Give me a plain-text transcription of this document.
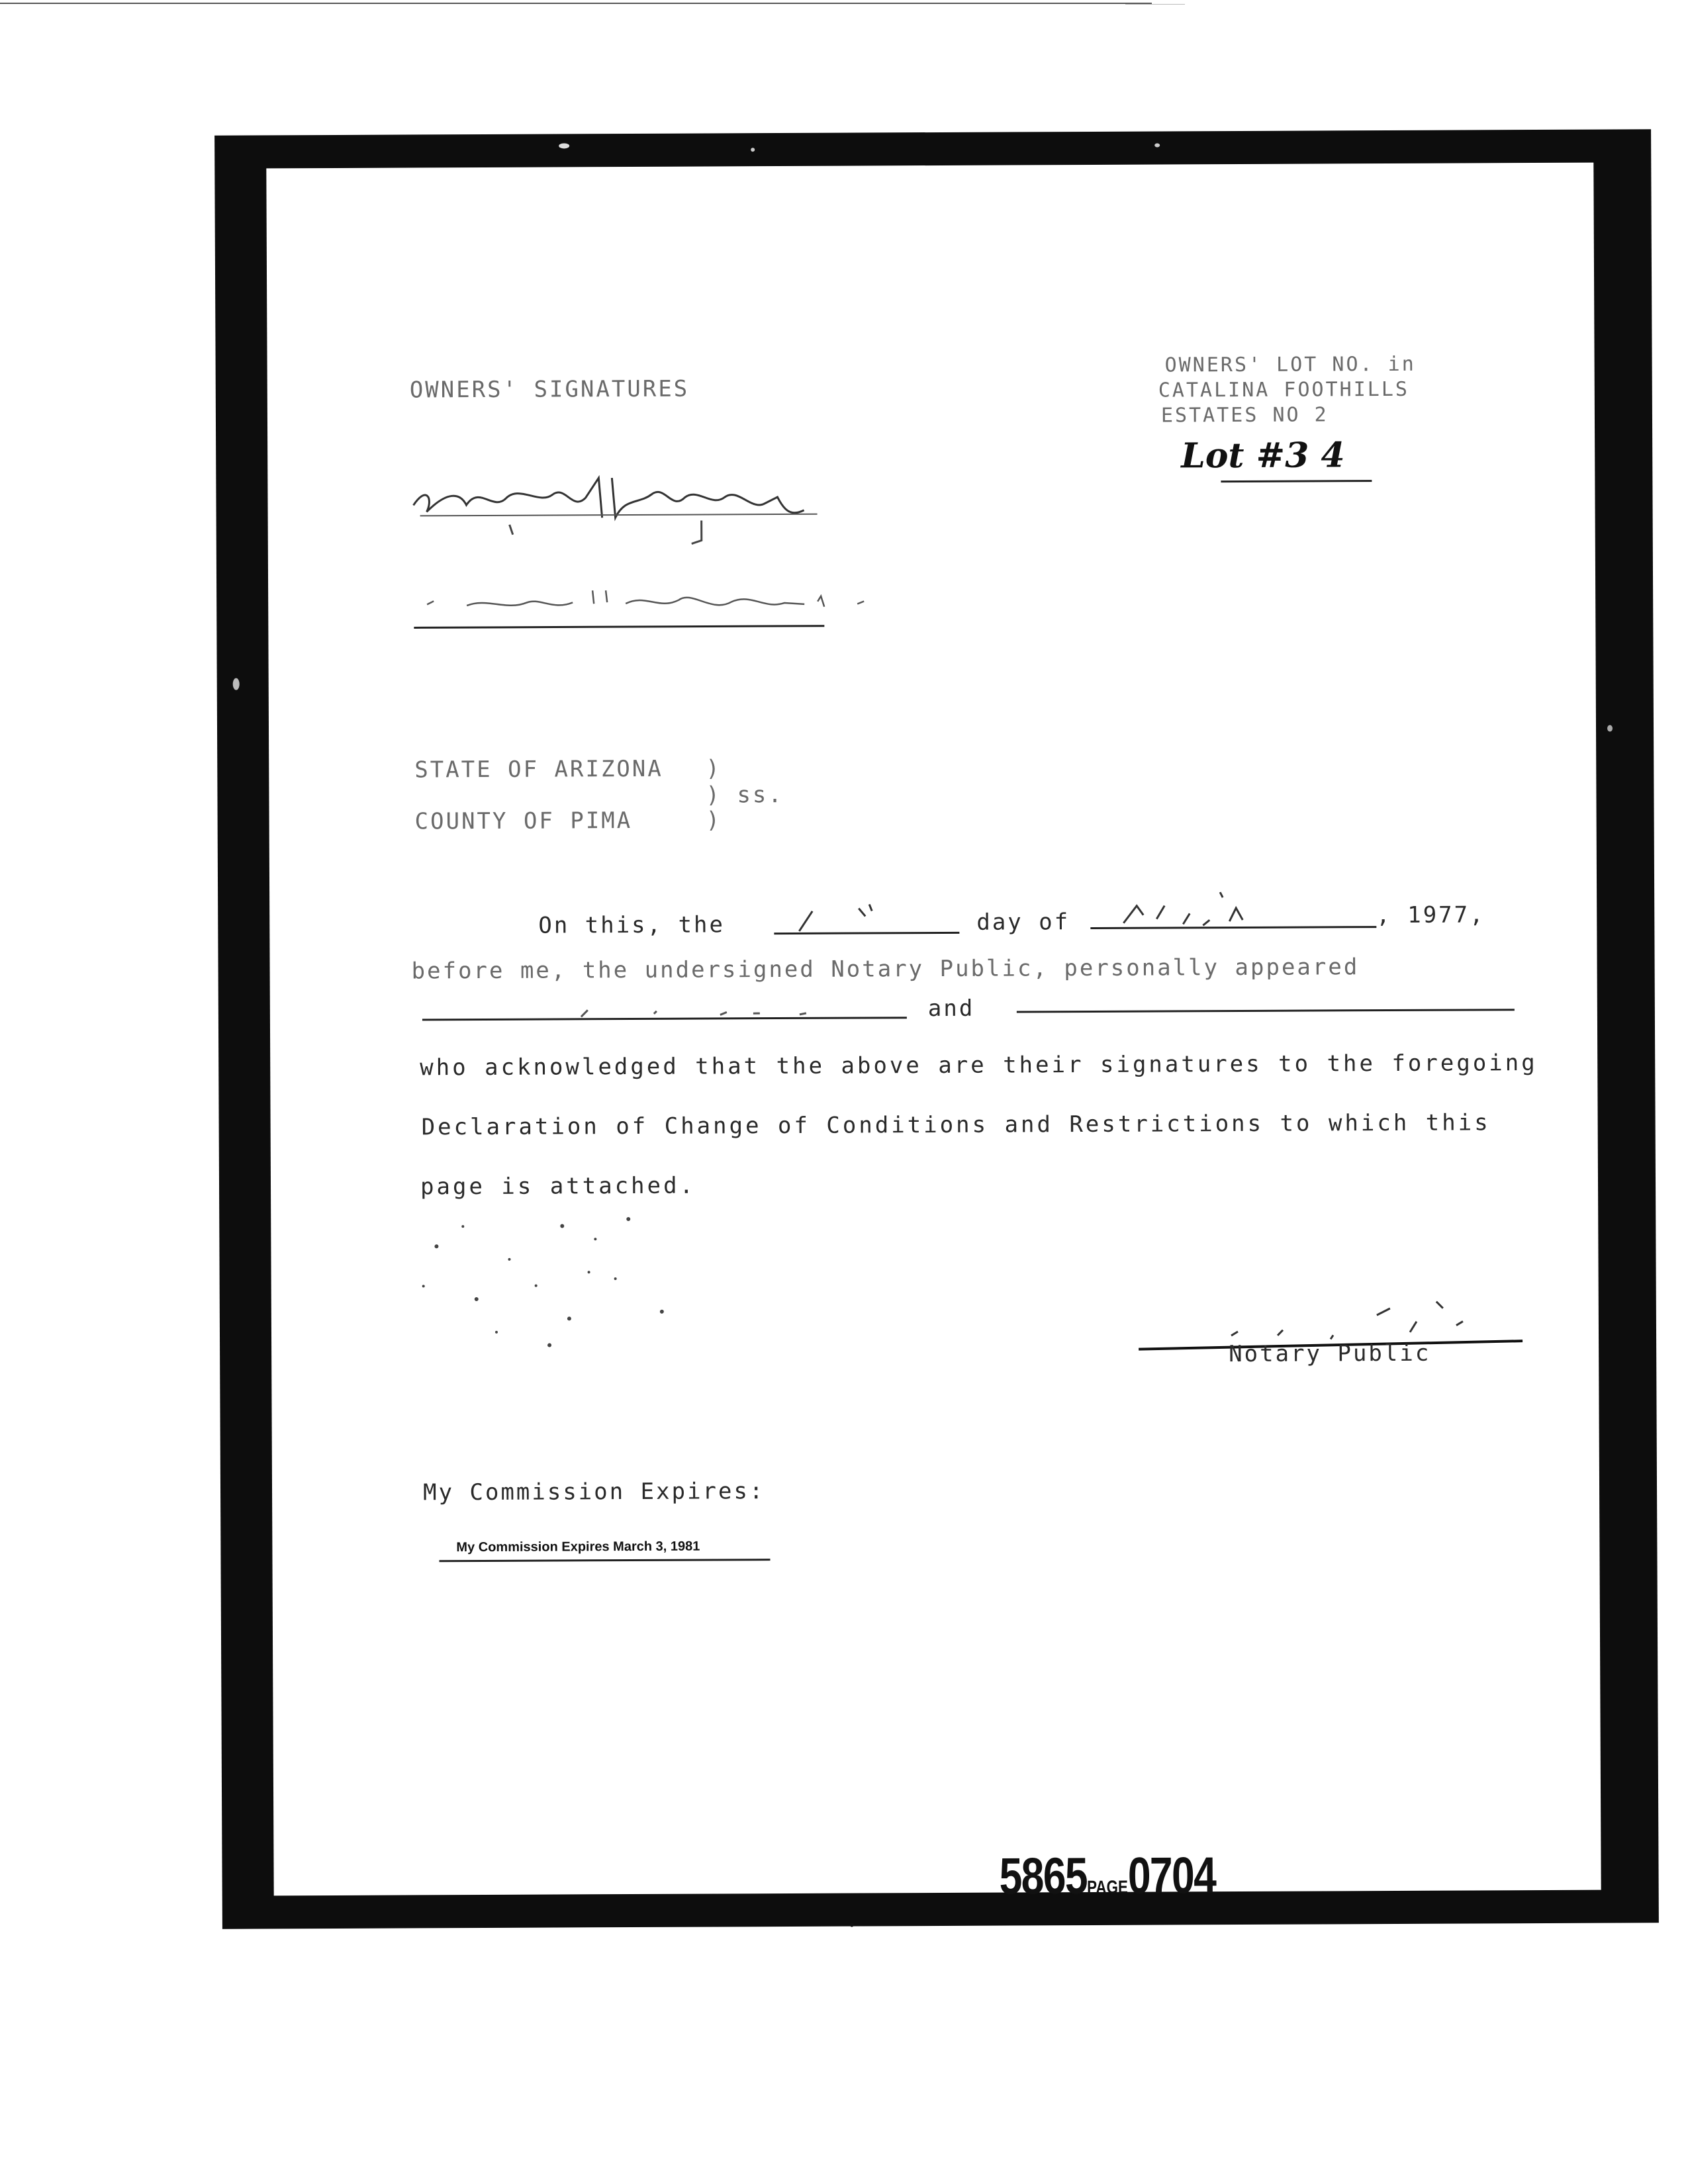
OWNERS' SIGNATURES
OWNERS' LOT NO. in
CATALINA FOOTHILLS
ESTATES NO 2
Lot #3 4
STATE OF ARIZONA )
) ss.
COUNTY OF PIMA	)
On this, the	day of	, 1977,
before me, the undersigned Notary Public, personally appeared
and
who acknowledged that the above are their signatures to the foregoing
Declaration of Change of Conditions and Restrictions to which this
page is attached.
Notary Public
My Commission Expires:
My Commission Expires March 3, 1981
5865PAGE0704
